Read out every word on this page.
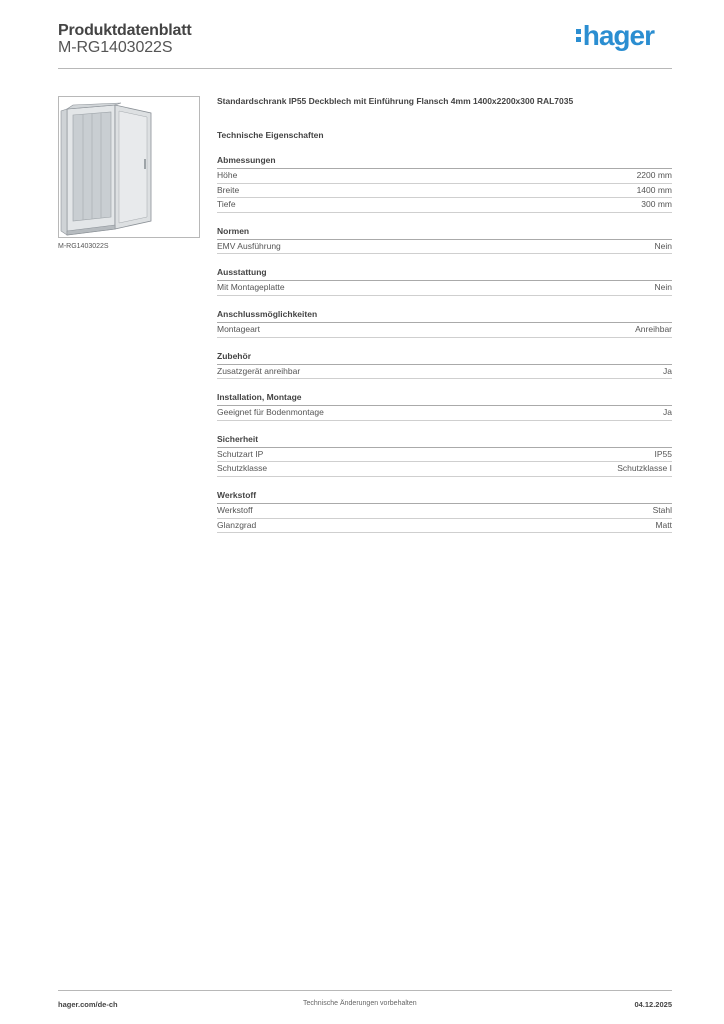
Produktdatenblatt
M-RG1403022S	hager
M-RG1403022S
Standardschrank IP55 Deckblech mit Einführung Flansch 4mm 1400x2200x300 RAL7035
Technische Eigenschaften
Abmessungen
Höhe	2200 mm
Breite	1400 mm
Tiefe	300 mm
Normen
EMV Ausführung	Nein
Ausstattung
Mit Montageplatte	Nein
Anschlussmöglichkeiten
Montageart	Anreihbar
Zubehör
Zusatzgerät anreihbar	Ja
Installation, Montage
Geeignet für Bodenmontage	Ja
Sicherheit
Schutzart IP	IP55
Schutzklasse	Schutzklasse I
Werkstoff
Werkstoff	Stahl
Glanzgrad	Matt
hager.com/de-ch	Technische Änderungen vorbehalten	04.12.2025
